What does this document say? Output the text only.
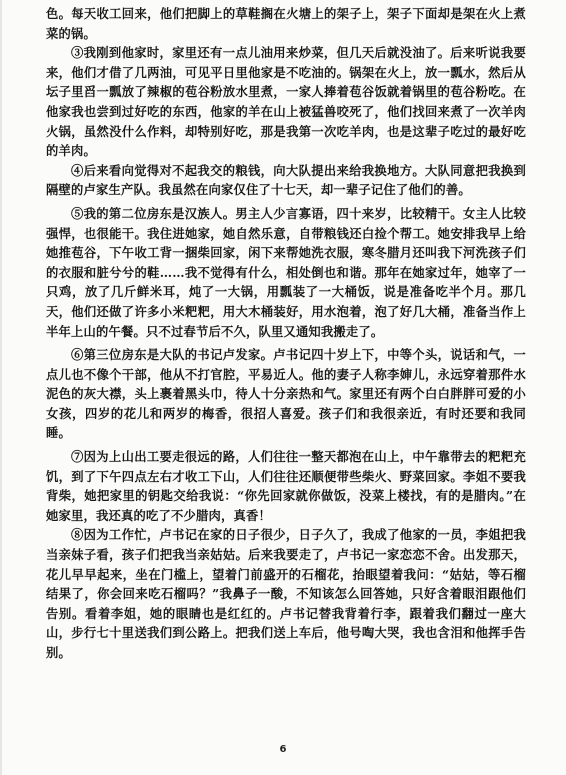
色。每天收工回来，他们把脚上的草鞋搁在火塘上的架子上，架子下面却是架在火上煮菜的锅。

③我刚到他家时，家里还有一点儿油用来炒菜，但几天后就没油了。后来听说我要来，他们才借了几两油，可见平日里他家是不吃油的。锅架在火上，放一瓢水，然后从坛子里舀一瓢放了辣椒的苞谷粉放水里煮，一家人捧着苞谷饭就着锅里的苞谷粉吃。在他家我也尝到过好吃的东西，他家的羊在山上被猛兽咬死了，他们找回来煮了一次羊肉火锅，虽然没什么作料，却特别好吃，那是我第一次吃羊肉，也是这辈子吃过的最好吃的羊肉。

④后来看向觉得对不起我交的粮钱，向大队提出来给我换地方。大队同意把我换到隔壁的卢家生产队。我虽然在向家仅住了十七天，却一辈子记住了他们的善。

⑤我的第二位房东是汉族人。男主人少言寡语，四十来岁，比较精干。女主人比较强悍，也很能干。我住进她家，她自然乐意，自带粮钱还白捡个帮工。她安排我早上给她推苞谷，下午收工背一捆柴回家，闲下来帮她洗衣服，寒冬腊月还叫我下河洗孩子们的衣服和脏兮兮的鞋……我不觉得有什么，相处倒也和谐。那年在她家过年，她宰了一只鸡，放了几斤鲜米耳，炖了一大锅，用瓢装了一大桶饭，说是准备吃半个月。那几天，他们还做了许多小米粑粑，用大木桶装好，用水泡着，泡了好几大桶，准备当作上半年上山的午餐。只不过春节后不久，队里又通知我搬走了。

⑥第三位房东是大队的书记卢发家。卢书记四十岁上下，中等个头，说话和气，一点儿也不像个干部，他从不打官腔，平易近人。他的妻子人称李婶儿，永远穿着那件水泥色的灰大襟，头上裹着黑头巾，待人十分亲热和气。家里还有两个白白胖胖可爱的小女孩，四岁的花儿和两岁的梅香，很招人喜爱。孩子们和我很亲近，有时还要和我同睡。

⑦因为上山出工要走很远的路，人们往往一整天都泡在山上，中午靠带去的粑粑充饥，到了下午四点左右才收工下山，人们往往还顺便带些柴火、野菜回家。李姐不要我背柴，她把家里的钥匙交给我说：“你先回家就你做饭，没菜上楼找，有的是腊肉。”在她家里，我还真的吃了不少腊肉，真香！

⑧因为工作忙，卢书记在家的日子很少，日子久了，我成了他家的一员，李姐把我当亲妹子看，孩子们把我当亲姑姑。后来我要走了，卢书记一家恋恋不舍。出发那天，花儿早早起来，坐在门槛上，望着门前盛开的石榴花，抬眼望着我问：“姑姑，等石榴结果了，你会回来吃石榴吗？”我鼻子一酸，不知该怎么回答她，只好含着眼泪跟他们告别。看着李姐，她的眼睛也是红红的。卢书记替我背着行李，跟着我们翻过一座大山，步行七十里送我们到公路上。把我们送上车后，他号啕大哭，我也含泪和他挥手告别。

6
